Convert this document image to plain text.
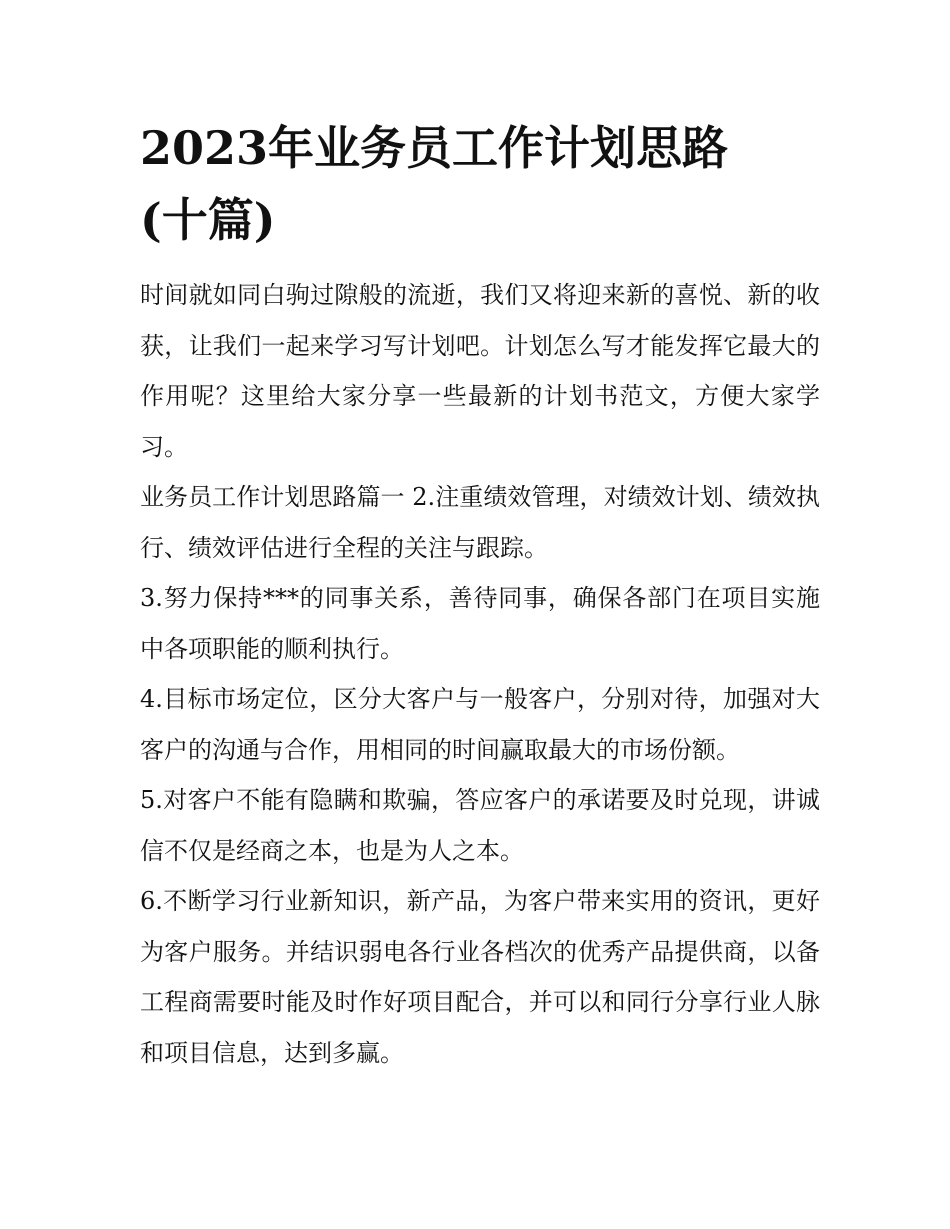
2023年业务员工作计划思路
(十篇)

时间就如同白驹过隙般的流逝，我们又将迎来新的喜悦、新的收获，让我们一起来学习写计划吧。计划怎么写才能发挥它最大的作用呢？这里给大家分享一些最新的计划书范文，方便大家学习。

业务员工作计划思路篇一 2.注重绩效管理，对绩效计划、绩效执行、绩效评估进行全程的关注与跟踪。

3.努力保持***的同事关系，善待同事，确保各部门在项目实施中各项职能的顺利执行。

4.目标市场定位，区分大客户与一般客户，分别对待，加强对大客户的沟通与合作，用相同的时间赢取最大的市场份额。

5.对客户不能有隐瞒和欺骗，答应客户的承诺要及时兑现，讲诚信不仅是经商之本，也是为人之本。

6.不断学习行业新知识，新产品，为客户带来实用的资讯，更好为客户服务。并结识弱电各行业各档次的优秀产品提供商，以备工程商需要时能及时作好项目配合，并可以和同行分享行业人脉和项目信息，达到多赢。
